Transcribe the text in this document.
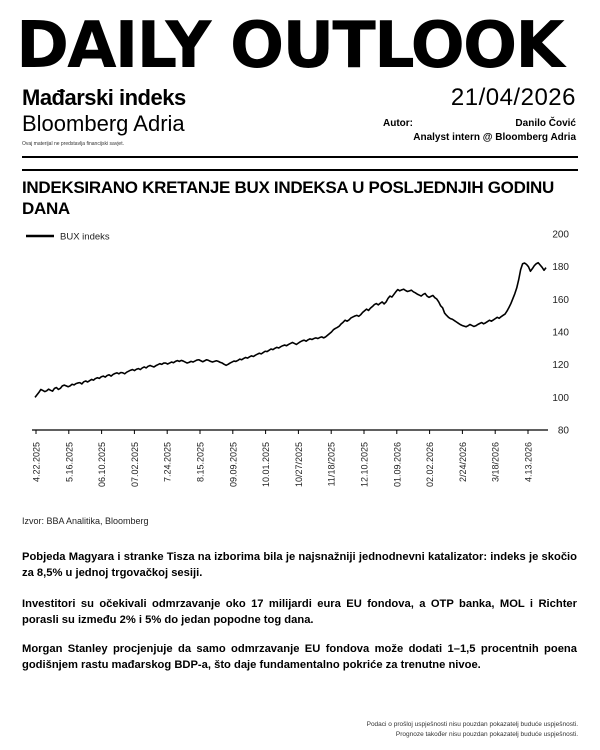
DAILY OUTLOOK
Mađarski indeks
Bloomberg Adria
Ovaj materijal ne predstavlja financijski savjet.
21/04/2026
Autor:	Danilo Čović
Analyst intern @ Bloomberg Adria
INDEKSIRANO KRETANJE BUX INDEKSA U POSLJEDNJIH GODINU DANA
80
100
120
140
160
180
200
4.22.2025	5.16.2025	06.10.2025	07.02.2025	7.24.2025	8.15.2025	09.09.2025	10.01.2025	10/27/2025	11/18/2025	12.10.2025	01.09.2026	02.02.2026	2/24/2026	3/18/2026	4.13.2026
BUX indeks
Izvor: BBA Analitika, Bloomberg

Pobjeda Magyara i stranke Tisza na izborima bila je najsnažniji jednodnevni katalizator: indeks je skočio za 8,5% u jednoj trgovačkoj sesiji.

Investitori su očekivali odmrzavanje oko 17 milijardi eura EU fondova, a OTP banka, MOL i Richter porasli su između 2% i 5% do jedan popodne tog dana.

Morgan Stanley procjenjuje da samo odmrzavanje EU fondova može dodati 1–1,5 procentnih poena godišnjem rastu mađarskog BDP-a, što daje fundamentalno pokriće za trenutne nivoe.

Podaci o prošlој uspješnosti nisu pouzdan pokazatelj buduće uspješnosti.
Prognoze također nisu pouzdan pokazatelj buduće uspješnosti.
